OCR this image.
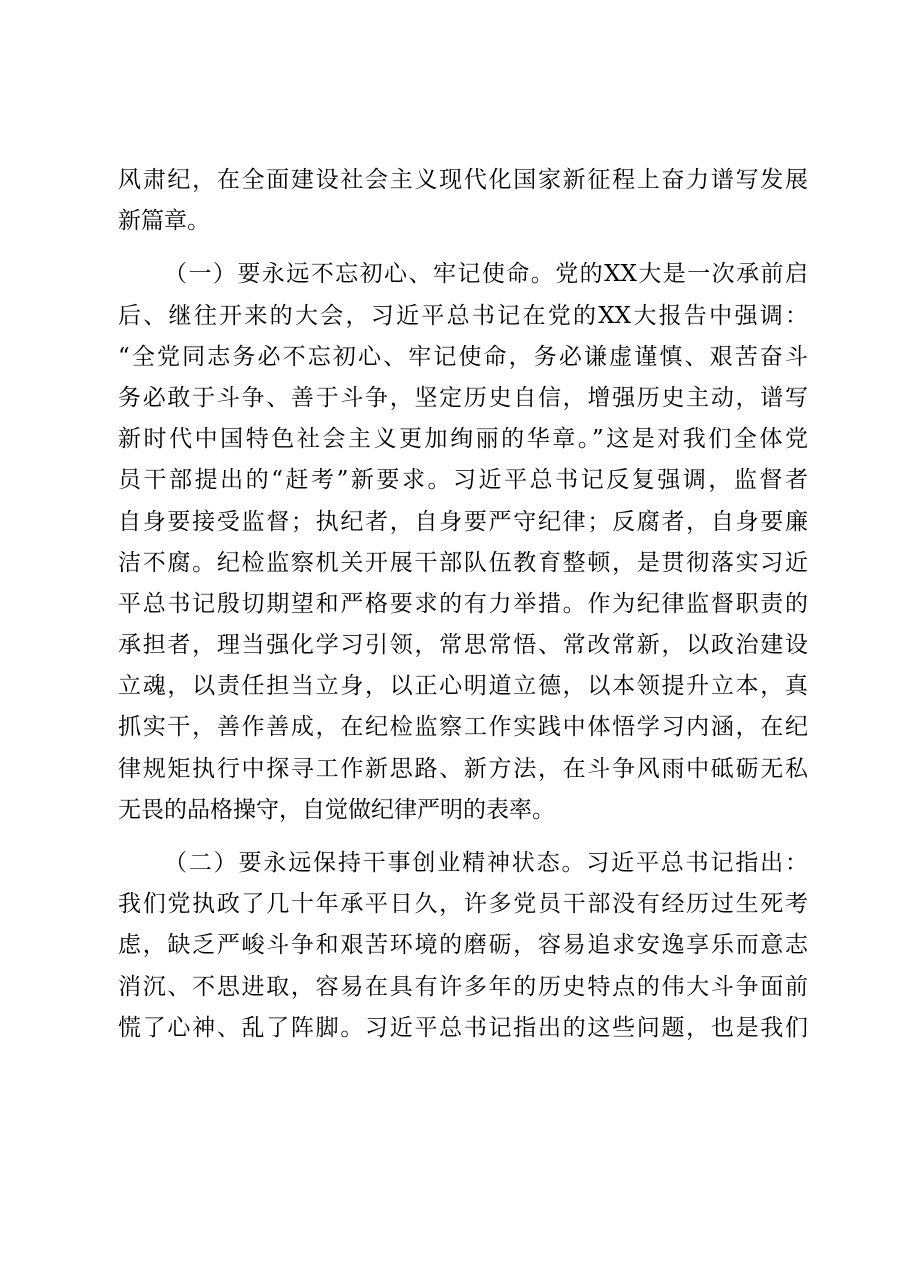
风肃纪，在全面建设社会主义现代化国家新征程上奋力谱写发展
新篇章。
（一）要永远不忘初心、牢记使命。党的XX大是一次承前启
后、继往开来的大会，习近平总书记在党的XX大报告中强调：
“全党同志务必不忘初心、牢记使命，务必谦虚谨慎、艰苦奋斗
务必敢于斗争、善于斗争，坚定历史自信，增强历史主动，谱写
新时代中国特色社会主义更加绚丽的华章。”这是对我们全体党
员干部提出的“赶考”新要求。习近平总书记反复强调，监督者
自身要接受监督；执纪者，自身要严守纪律；反腐者，自身要廉
洁不腐。纪检监察机关开展干部队伍教育整顿，是贯彻落实习近
平总书记殷切期望和严格要求的有力举措。作为纪律监督职责的
承担者，理当强化学习引领，常思常悟、常改常新，以政治建设
立魂，以责任担当立身，以正心明道立德，以本领提升立本，真
抓实干，善作善成，在纪检监察工作实践中体悟学习内涵，在纪
律规矩执行中探寻工作新思路、新方法，在斗争风雨中砥砺无私
无畏的品格操守，自觉做纪律严明的表率。
（二）要永远保持干事创业精神状态。习近平总书记指出：
我们党执政了几十年承平日久，许多党员干部没有经历过生死考
虑，缺乏严峻斗争和艰苦环境的磨砺，容易追求安逸享乐而意志
消沉、不思进取，容易在具有许多年的历史特点的伟大斗争面前
慌了心神、乱了阵脚。习近平总书记指出的这些问题，也是我们
